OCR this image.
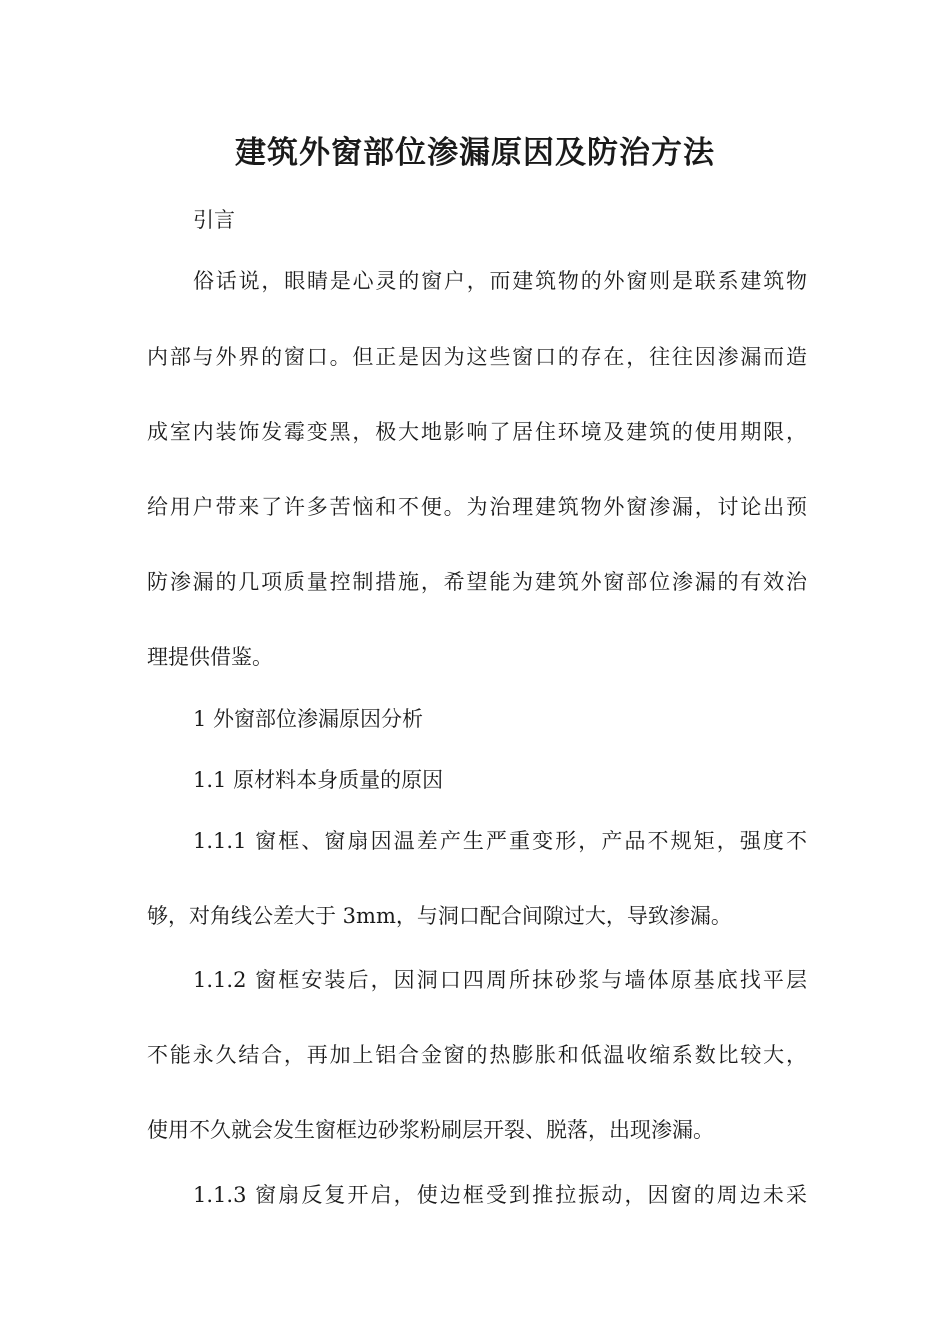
建筑外窗部位渗漏原因及防治方法

引言

俗话说，眼睛是心灵的窗户，而建筑物的外窗则是联系建筑物

内部与外界的窗口。但正是因为这些窗口的存在，往往因渗漏而造

成室内装饰发霉变黑，极大地影响了居住环境及建筑的使用期限，

给用户带来了许多苦恼和不便。为治理建筑物外窗渗漏，讨论出预

防渗漏的几项质量控制措施，希望能为建筑外窗部位渗漏的有效治

理提供借鉴。

1 外窗部位渗漏原因分析

1.1 原材料本身质量的原因

1.1.1 窗框、窗扇因温差产生严重变形，产品不规矩，强度不

够，对角线公差大于 3mm，与洞口配合间隙过大，导致渗漏。

1.1.2 窗框安装后，因洞口四周所抹砂浆与墙体原基底找平层

不能永久结合，再加上铝合金窗的热膨胀和低温收缩系数比较大，

使用不久就会发生窗框边砂浆粉刷层开裂、脱落，出现渗漏。

1.1.3 窗扇反复开启，使边框受到推拉振动，因窗的周边未采
